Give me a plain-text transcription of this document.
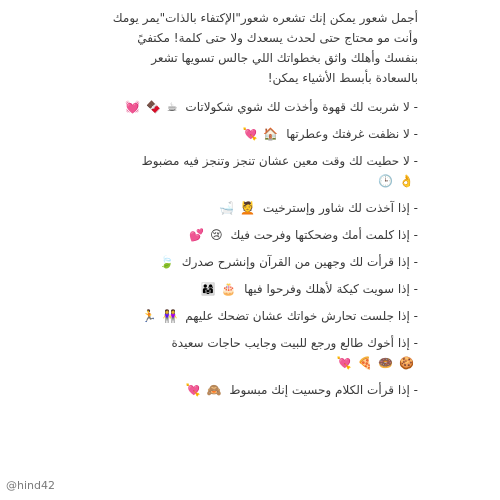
أجمل شعور يمكن إنك تشعره شعور"الإكتفاء بالذات"يمر يومك وأنت مو محتاج حتى لحدث يسعدك ولا حتى كلمة! مكتفيً بنفسك وأهلك واثق بخطواتك اللي جالس تسويها تشعر بالسعادة بأبسط الأشياء يمكن!

- لا شربت لك قهوة وأخذت لك شوي شكولاتات ☕ 🍫 💓
- لا نظفت غرفتك وعطرتها 🏠 💘
- لا حطيت لك وقت معين عشان تنجز وتنجز فيه مضبوط 👌 🕒
- إذا آخذت لك شاور وإسترخيت 💆 🛁
- إذا كلمت أمك وضحكتها وفرحت فيك 😢 💕
- إذا قرأت لك وجهين من القرآن وإنشرح صدرك 🍃
- إذا سويت كيكة لأهلك وفرحوا فيها 🎂 👨‍👩‍👧
- إذا جلست تحارش خواتك عشان تضحك عليهم 👭 🏃
- إذا أخوك طالع ورجع للبيت وجايب حاجات سعيدة 🍪 🍩 🍕 💘
- إذا قرأت الكلام وحسيت إنك مبسوط 🙈 💘
@hind42
